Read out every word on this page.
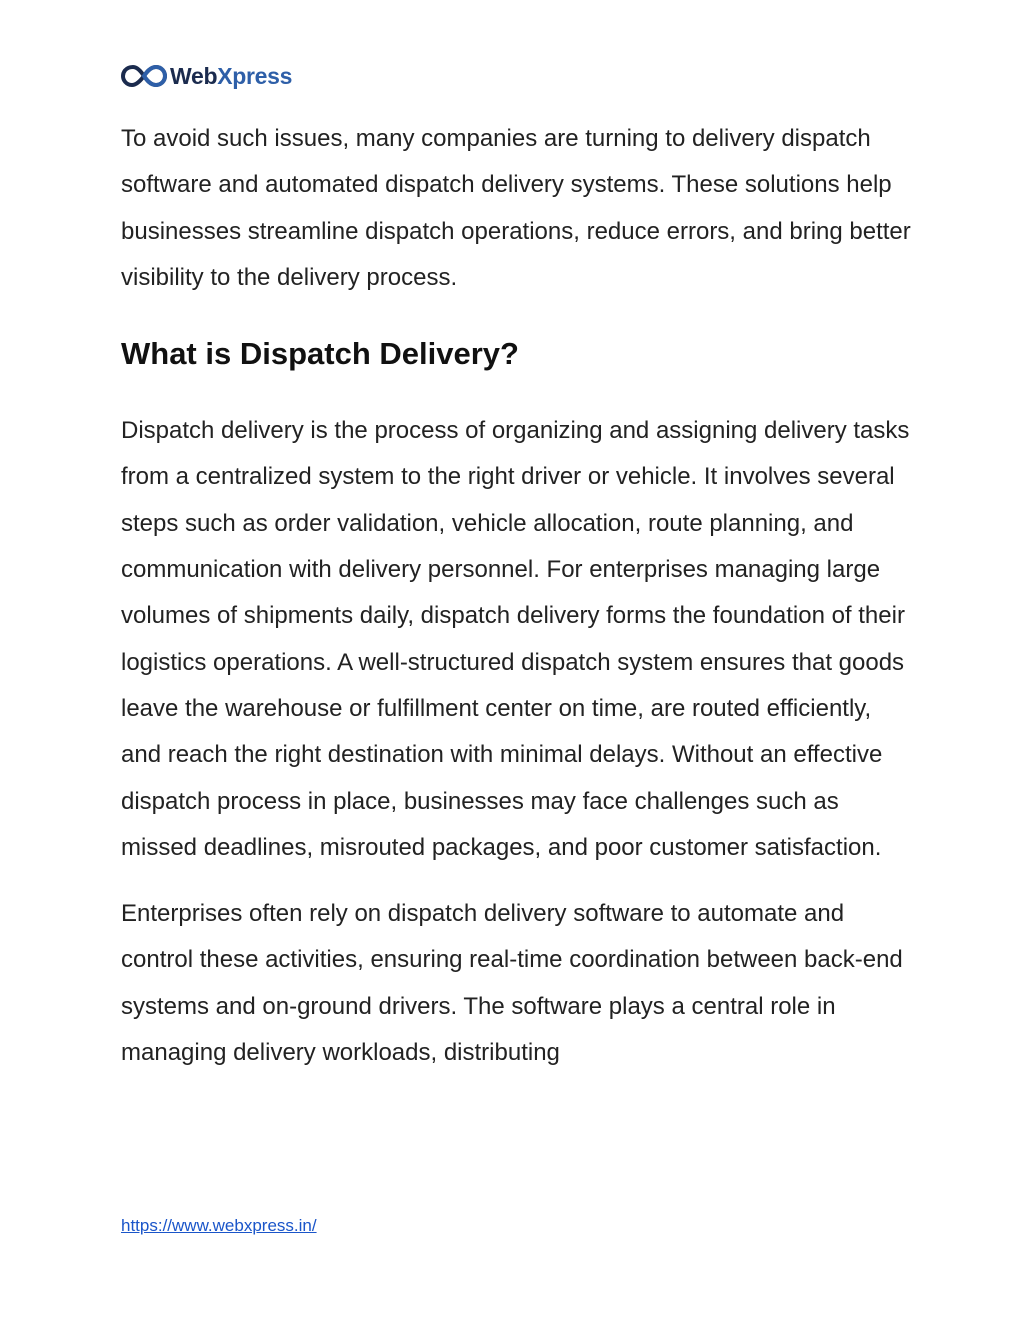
WebXpress

To avoid such issues, many companies are turning to delivery dispatch software and automated dispatch delivery systems. These solutions help businesses streamline dispatch operations, reduce errors, and bring better visibility to the delivery process.

What is Dispatch Delivery?

Dispatch delivery is the process of organizing and assigning delivery tasks from a centralized system to the right driver or vehicle. It involves several steps such as order validation, vehicle allocation, route planning, and communication with delivery personnel. For enterprises managing large volumes of shipments daily, dispatch delivery forms the foundation of their logistics operations. A well-structured dispatch system ensures that goods leave the warehouse or fulfillment center on time, are routed efficiently, and reach the right destination with minimal delays. Without an effective dispatch process in place, businesses may face challenges such as missed deadlines, misrouted packages, and poor customer satisfaction.

Enterprises often rely on dispatch delivery software to automate and control these activities, ensuring real-time coordination between back-end systems and on-ground drivers. The software plays a central role in managing delivery workloads, distributing

https://www.webxpress.in/
